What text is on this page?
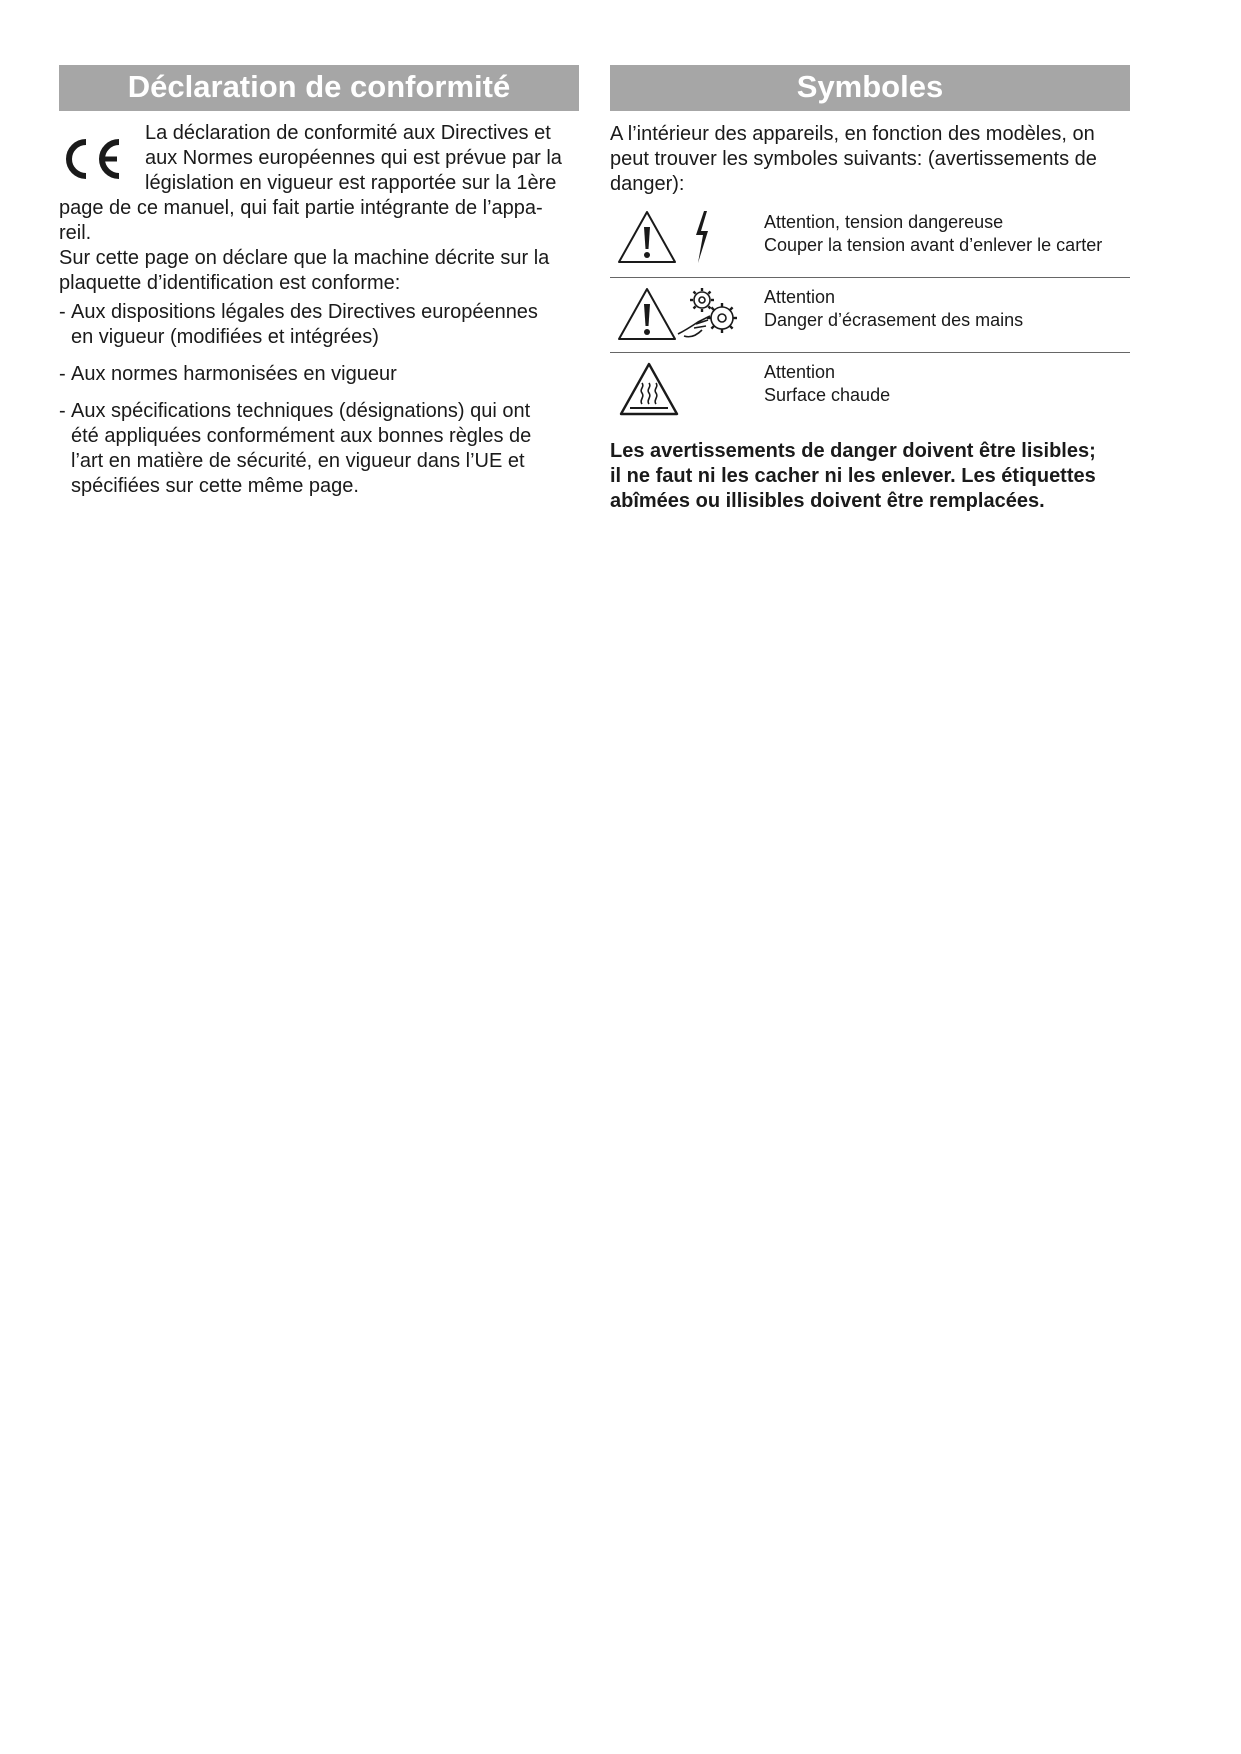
Déclaration de conformité
La déclaration de conformité aux Directives et
aux Normes européennes qui est prévue par la
législation en vigueur est rapportée sur la 1ère
page de ce manuel, qui fait partie intégrante de l’appa-
reil.
Sur cette page on déclare que la machine décrite sur la
plaquette d’identification est conforme:
- Aux dispositions légales des Directives européennes
en vigueur (modifiées et intégrées)
- Aux normes harmonisées en vigueur
- Aux spécifications techniques (désignations) qui ont
été appliquées conformément aux bonnes règles de
l’art en matière de sécurité, en vigueur dans l’UE et
spécifiées sur cette même page.
Symboles
A l’intérieur des appareils, en fonction des modèles, on
peut trouver les symboles suivants: (avertissements de
danger):
Attention, tension dangereuse
Couper la tension avant d’enlever le carter
Attention
Danger d’écrasement des mains
Attention
Surface chaude
Les avertissements de danger doivent être lisibles;
il ne faut ni les cacher ni les enlever. Les étiquettes
abîmées ou illisibles doivent être remplacées.
